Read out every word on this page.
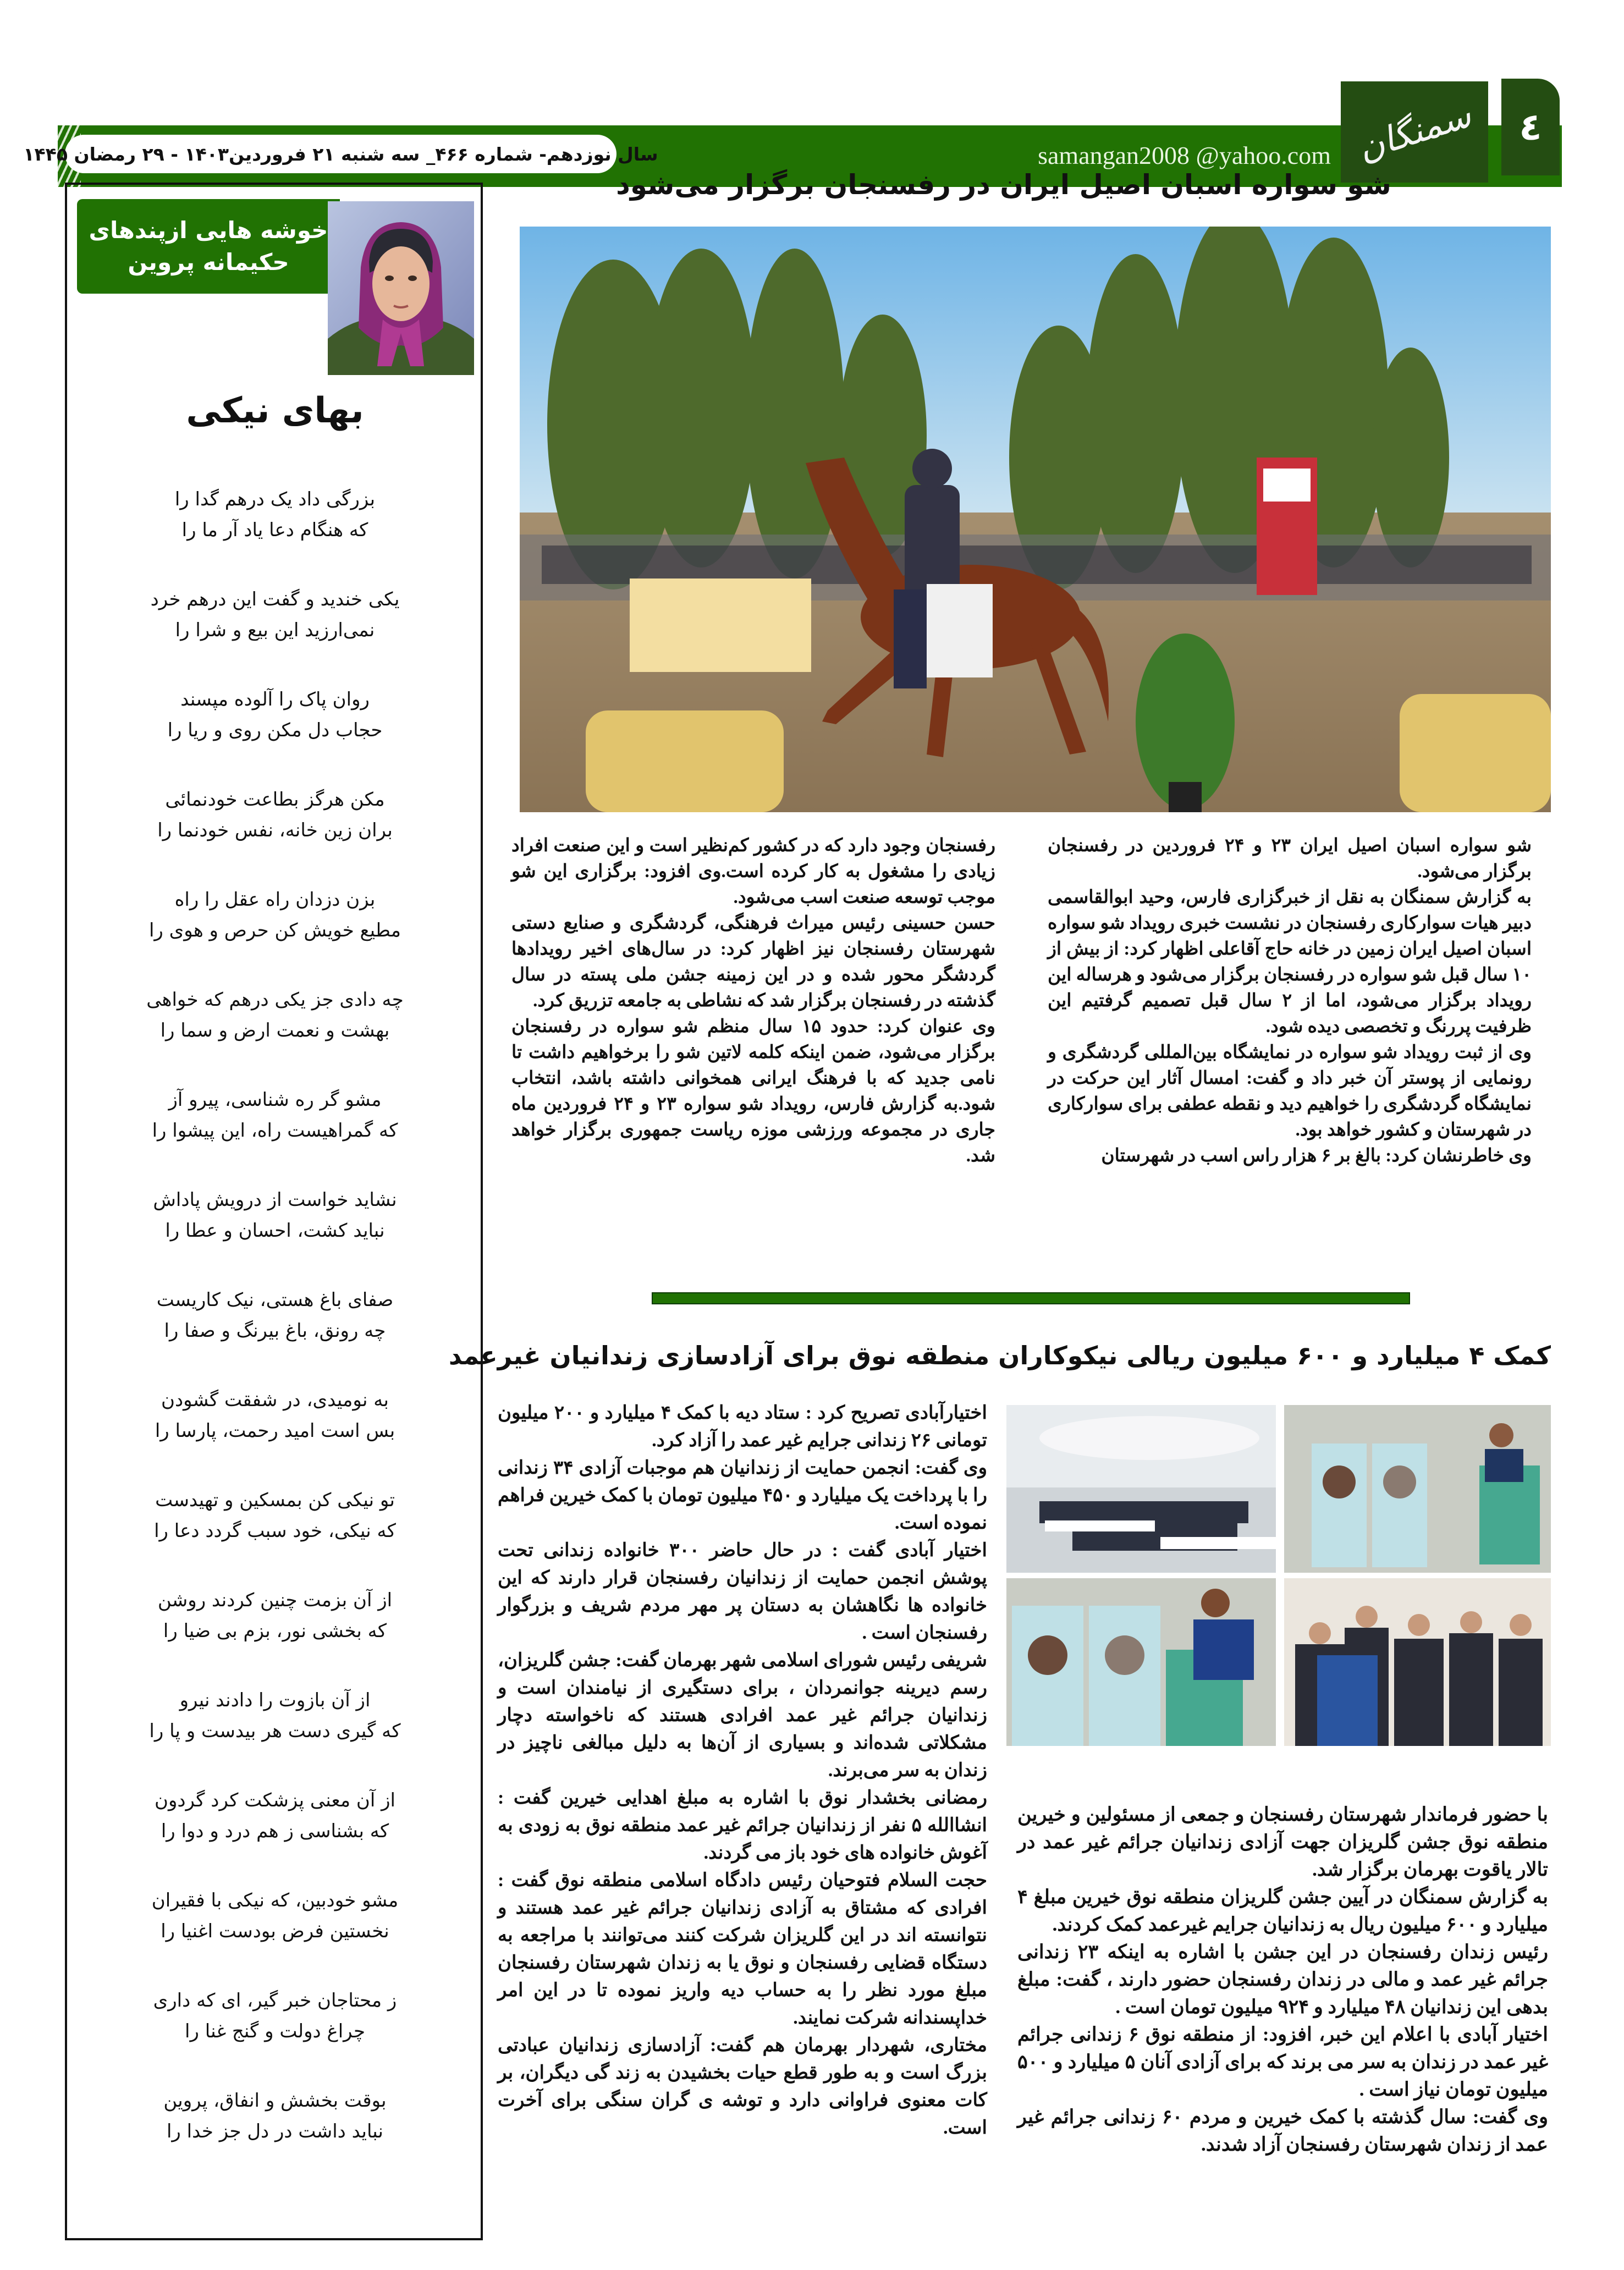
سال نوزدهم- شماره ۴۶۶_ سه شنبه ۲۱ فروردین۱۴۰۳ - ۲۹ رمضان ۱۴۴۵	samangan2008 @yahoo.com سمنگان ٤
خوشه هایی ازپندهای
حکیمانه پروین
بهای نیکی
بزرگی داد یک درهم گدا را
که هنگام دعا یاد آر ما را
یکی خندید و گفت این درهم خرد
نمی‌ارزید این بیع و شرا را
روان پاک را آلوده مپسند
حجاب دل مکن روی و ریا را
مکن هرگز بطاعت خودنمائی
بران زین خانه، نفس خودنما را
بزن دزدان راه عقل را راه
مطیع خویش کن حرص و هوی را
چه دادی جز یکی درهم که خواهی
بهشت و نعمت ارض و سما را
مشو گر ره شناسی، پیرو آز
که گمراهیست راه، این پیشوا را
نشاید خواست از درویش پاداش
نباید کشت، احسان و عطا را
صفای باغ هستی، نیک کاریست
چه رونق، باغ بیرنگ و صفا را
به نومیدی، در شفقت گشودن
بس است امید رحمت، پارسا را
تو نیکی کن بمسکین و تهیدست
که نیکی، خود سبب گردد دعا را
از آن بزمت چنین کردند روشن
که بخشی نور، بزم بی ضیا را
از آن بازوت را دادند نیرو
که گیری دست هر بیدست و پا را
از آن معنی پزشکت کرد گردون
که بشناسی ز هم درد و دوا را
مشو خودبین، که نیکی با فقیران
نخستین فرض بودست اغنیا را
ز محتاجان خبر گیر، ای که داری
چراغ دولت و گنج غنا را
بوقت بخشش و انفاق، پروین
نباید داشت در دل جز خدا را
شو سواره اسبان اصیل ایران در رفسنجان برگزار می‌شود

شو سواره اسبان اصیل ایران ۲۳ و ۲۴ فروردین در رفسنجان برگزار می‌شود.

به گزارش سمنگان به نقل از خبرگزاری فارس، وحید ابوالقاسمی دبیر هیات سوارکاری رفسنجان در نشست خبری رویداد شو سواره اسبان اصیل ایران زمین در خانه حاج آقاعلی اظهار کرد: از بیش از ۱۰ سال قبل شو سواره در رفسنجان برگزار می‌شود و هرساله این رویداد برگزار می‌شود، اما از ۲ سال قبل تصمیم گرفتیم این ظرفیت پررنگ و تخصصی دیده شود.

وی از ثبت رویداد شو سواره در نمایشگاه بین‌المللی گردشگری و رونمایی از پوستر آن خبر داد و گفت: امسال آثار این حرکت در نمایشگاه گردشگری را خواهیم دید و نقطه عطفی برای سوارکاری در شهرستان و کشور خواهد بود.

وی خاطرنشان کرد: بالغ بر ۶ هزار راس اسب در شهرستان

رفسنجان وجود دارد که در کشور کم‌نظیر است و این صنعت افراد زیادی را مشغول به کار کرده است.وی افزود: برگزاری این شو موجب توسعه صنعت اسب می‌شود.

حسن حسینی رئیس میراث فرهنگی، گردشگری و صنایع دستی شهرستان رفسنجان نیز اظهار کرد: در سال‌های اخیر رویدادها گردشگر محور شده و در این زمینه جشن ملی پسته در سال گذشته در رفسنجان برگزار شد که نشاطی به جامعه تزریق کرد.

وی عنوان کرد: حدود ۱۵ سال منظم شو سواره در رفسنجان برگزار می‌شود، ضمن اینکه کلمه لاتین شو را برخواهیم داشت تا نامی جدید که با فرهنگ ایرانی همخوانی داشته باشد، انتخاب شود.به گزارش فارس، رویداد شو سواره ۲۳ و ۲۴ فروردین ماه جاری در مجموعه ورزشی موزه ریاست جمهوری برگزار خواهد شد.

کمک ۴ میلیارد و ۶۰۰ میلیون ریالی نیکوکاران منطقه نوق برای آزادسازی زندانیان غیرعمد

اختیارآبادی تصریح کرد : ستاد دیه با کمک ۴ میلیارد و ۲۰۰ میلیون تومانی ۲۶ زندانی جرایم غیر عمد را آزاد کرد.

وی گفت: انجمن حمایت از زندانیان هم موجبات آزادی ۳۴ زندانی را با پرداخت یک میلیارد و ۴۵۰ میلیون تومان با کمک خیرین فراهم نموده است.

اختیار آبادی گفت : در حال حاضر ۳۰۰ خانواده زندانی تحت پوشش انجمن حمایت از زندانیان رفسنجان قرار دارند که این خانواده ها نگاهشان به دستان پر مهر مردم شریف و بزرگوار رفسنجان است .

شریفی رئیس شورای اسلامی شهر بهرمان گفت: جشن گلریزان، رسم دیرینه جوانمردان ، برای دستگیری از نیامندان است و زندانیان جرائم غیر عمد افرادی هستند که ناخواسته دچار مشکلاتی شده‌اند و بسیاری از آن‌ها به دلیل مبالغی ناچیز در زندان به سر می‌برند.

رمضانی بخشدار نوق با اشاره به مبلغ اهدایی خیرین گفت : انشاالله ۵ نفر از زندانیان جرائم غیر عمد منطقه نوق به زودی به آغوش خانواده های خود باز می گردند.

حجت السلام فتوحیان رئیس دادگاه اسلامی منطقه نوق گفت : افرادی که مشتاق به آزادی زندانیان جرائم غیر عمد هستند و نتوانسته اند در این گلریزان شرکت کنند می‌توانند با مراجعه به دستگاه قضایی رفسنجان و نوق یا به زندان شهرستان رفسنجان مبلغ مورد نظر را به حساب دیه واریز نموده تا در این امر خداپسندانه شرکت نمایند.

مختاری، شهردار بهرمان هم گفت: آزادسازی زندانیان عبادتی بزرگ است و به طور قطع حیات بخشیدن به زند گی دیگران، بر کات معنوی فراوانی دارد و توشه ی گران سنگی برای آخرت است.

با حضور فرماندار شهرستان رفسنجان و جمعی از مسئولین و خیرین منطقه نوق جشن گلریزان جهت آزادی زندانیان جرائم غیر عمد در تالار یاقوت بهرمان برگزار شد.

به گزارش سمنگان در آیین جشن گلریزان منطقه نوق خیرین مبلغ ۴ میلیارد و ۶۰۰ میلیون ریال به زندانیان جرایم غیرعمد کمک کردند.

رئیس زندان رفسنجان در این جشن با اشاره به اینکه ۲۳ زندانی جرائم غیر عمد و مالی در زندان رفسنجان حضور دارند ، گفت: مبلغ بدهی این زندانیان ۴۸ میلیارد و ۹۲۴ میلیون تومان است .

اختیار آبادی با اعلام این خبر، افزود: از منطقه نوق ۶ زندانی جرائم غیر عمد در زندان به سر می برند که برای آزادی آنان ۵ میلیارد و ۵۰۰ میلیون تومان نیاز است .

وی گفت: سال گذشته با کمک خیرین و مردم ۶۰ زندانی جرائم غیر عمد از زندان شهرستان رفسنجان آزاد شدند.
